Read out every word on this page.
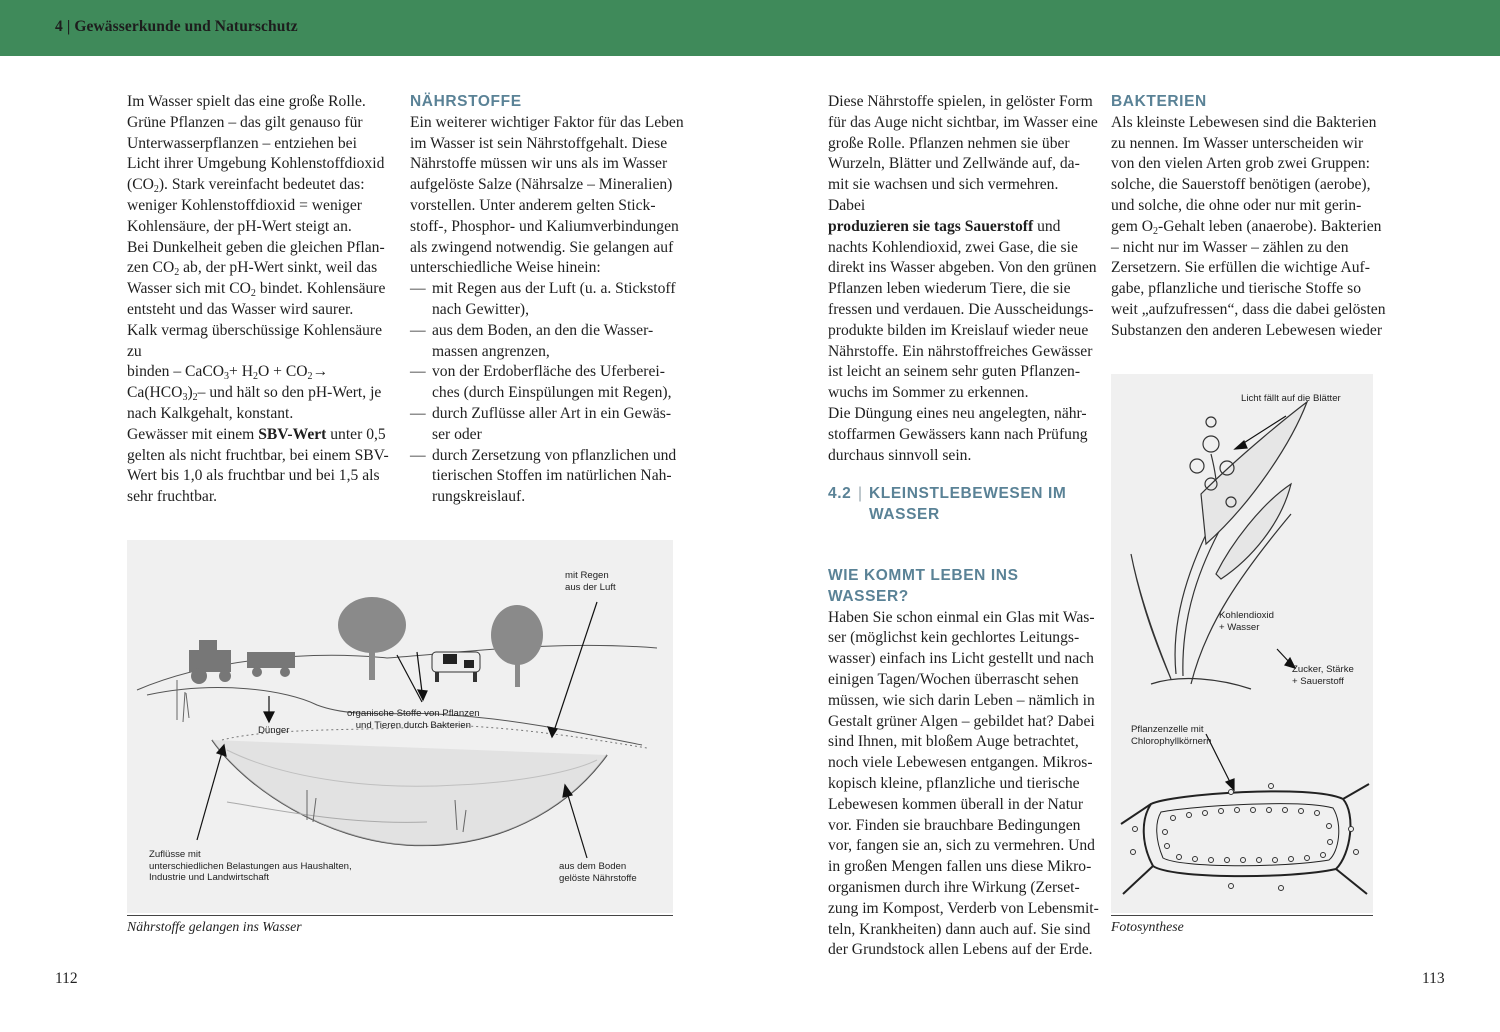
4 | Gewässerkunde und Naturschutz

Im Wasser spielt das eine große Rolle.

Grüne Pflanzen – das gilt genauso für

Unterwasserpflanzen – entziehen bei

Licht ihrer Umgebung Kohlenstoffdioxid

$(CO_2)$. Stark vereinfacht bedeutet das:

weniger Kohlenstoffdioxid = weniger

Kohlensäure, der pH-Wert steigt an.

Bei Dunkelheit geben die gleichen Pflan-

zen $CO_2$ ab, der pH-Wert sinkt, weil das

Wasser sich mit $CO_2$ bindet. Kohlensäure

entsteht und das Wasser wird saurer.

Kalk vermag überschüssige Kohlensäure zu

binden – CaCO$_3$+ $H_2O + CO_2\to$

$Ca(HCO_3)_2-$ und hält so den pH-Wert, je

nach Kalkgehalt, konstant.

Gewässer mit einem SBV-Wert unter 0,5

gelten als nicht fruchtbar, bei einem SBV-

Wert bis 1,0 als fruchtbar und bei 1,5 als

sehr fruchtbar.

NÄHRSTOFFE

Ein weiterer wichtiger Faktor für das Leben

im Wasser ist sein Nährstoffgehalt. Diese

Nährstoffe müssen wir uns als im Wasser

aufgelöste Salze (Nährsalze – Mineralien)

vorstellen. Unter anderem gelten Stick-

stoff-, Phosphor- und Kaliumverbindungen

als zwingend notwendig. Sie gelangen auf

unterschiedliche Weise hinein:

— mit Regen aus der Luft (u. a. Stickstoff
nach Gewitter),
— aus dem Boden, an den die Wasser-
massen angrenzen,
— von der Erdoberfläche des Uferberei-
ches (durch Einspülungen mit Regen),
— durch Zuflüsse aller Art in ein Gewäs-
ser oder
— durch Zersetzung von pflanzlichen und
tierischen Stoffen im natürlichen Nah-
rungskreislauf.
mit Regen
aus der Luft
organische Stoffe von Pflanzen
und Tieren durch Bakterien
Dünger
Zuflüsse mit
unterschiedlichen Belastungen aus Haushalten,
Industrie und Landwirtschaft
aus dem Boden
gelöste Nährstoffe
Nährstoffe gelangen ins Wasser
112

Diese Nährstoffe spielen, in gelöster Form

für das Auge nicht sichtbar, im Wasser eine

große Rolle. Pflanzen nehmen sie über

Wurzeln, Blätter und Zellwände auf, da-

mit sie wachsen und sich vermehren. Dabei

produzieren sie tags Sauerstoff und

nachts Kohlendioxid, zwei Gase, die sie

direkt ins Wasser abgeben. Von den grünen

Pflanzen leben wiederum Tiere, die sie

fressen und verdauen. Die Ausscheidungs-

produkte bilden im Kreislauf wieder neue

Nährstoffe. Ein nährstoffreiches Gewässer

ist leicht an seinem sehr guten Pflanzen-

wuchs im Sommer zu erkennen.

Die Düngung eines neu angelegten, nähr-

stoffarmen Gewässers kann nach Prüfung

durchaus sinnvoll sein.

4.2 | KLEINSTLEBEWESEN IM
WASSER
WIE KOMMT LEBEN INS WASSER?

Haben Sie schon einmal ein Glas mit Was-

ser (möglichst kein gechlortes Leitungs-

wasser) einfach ins Licht gestellt und nach

einigen Tagen/Wochen überrascht sehen

müssen, wie sich darin Leben – nämlich in

Gestalt grüner Algen – gebildet hat? Dabei

sind Ihnen, mit bloßem Auge betrachtet,

noch viele Lebewesen entgangen. Mikros-

kopisch kleine, pflanzliche und tierische

Lebewesen kommen überall in der Natur

vor. Finden sie brauchbare Bedingungen

vor, fangen sie an, sich zu vermehren. Und

in großen Mengen fallen uns diese Mikro-

organismen durch ihre Wirkung (Zerset-

zung im Kompost, Verderb von Lebensmit-

teln, Krankheiten) dann auch auf. Sie sind

der Grundstock allen Lebens auf der Erde.

BAKTERIEN

Als kleinste Lebewesen sind die Bakterien

zu nennen. Im Wasser unterscheiden wir

von den vielen Arten grob zwei Gruppen:

solche, die Sauerstoff benötigen (aerobe),

und solche, die ohne oder nur mit gerin-

gem $O_2$-Gehalt leben (anaerobe). Bakterien

– nicht nur im Wasser – zählen zu den

Zersetzern. Sie erfüllen die wichtige Auf-

gabe, pflanzliche und tierische Stoffe so

weit „aufzufressen“, dass die dabei gelösten

Substanzen den anderen Lebewesen wieder

Licht fällt auf die Blätter
Kohlendioxid
+ Wasser
Zucker, Stärke
+ Sauerstoff
Pflanzenzelle mit
Chlorophyllkörnern
Fotosynthese
113
